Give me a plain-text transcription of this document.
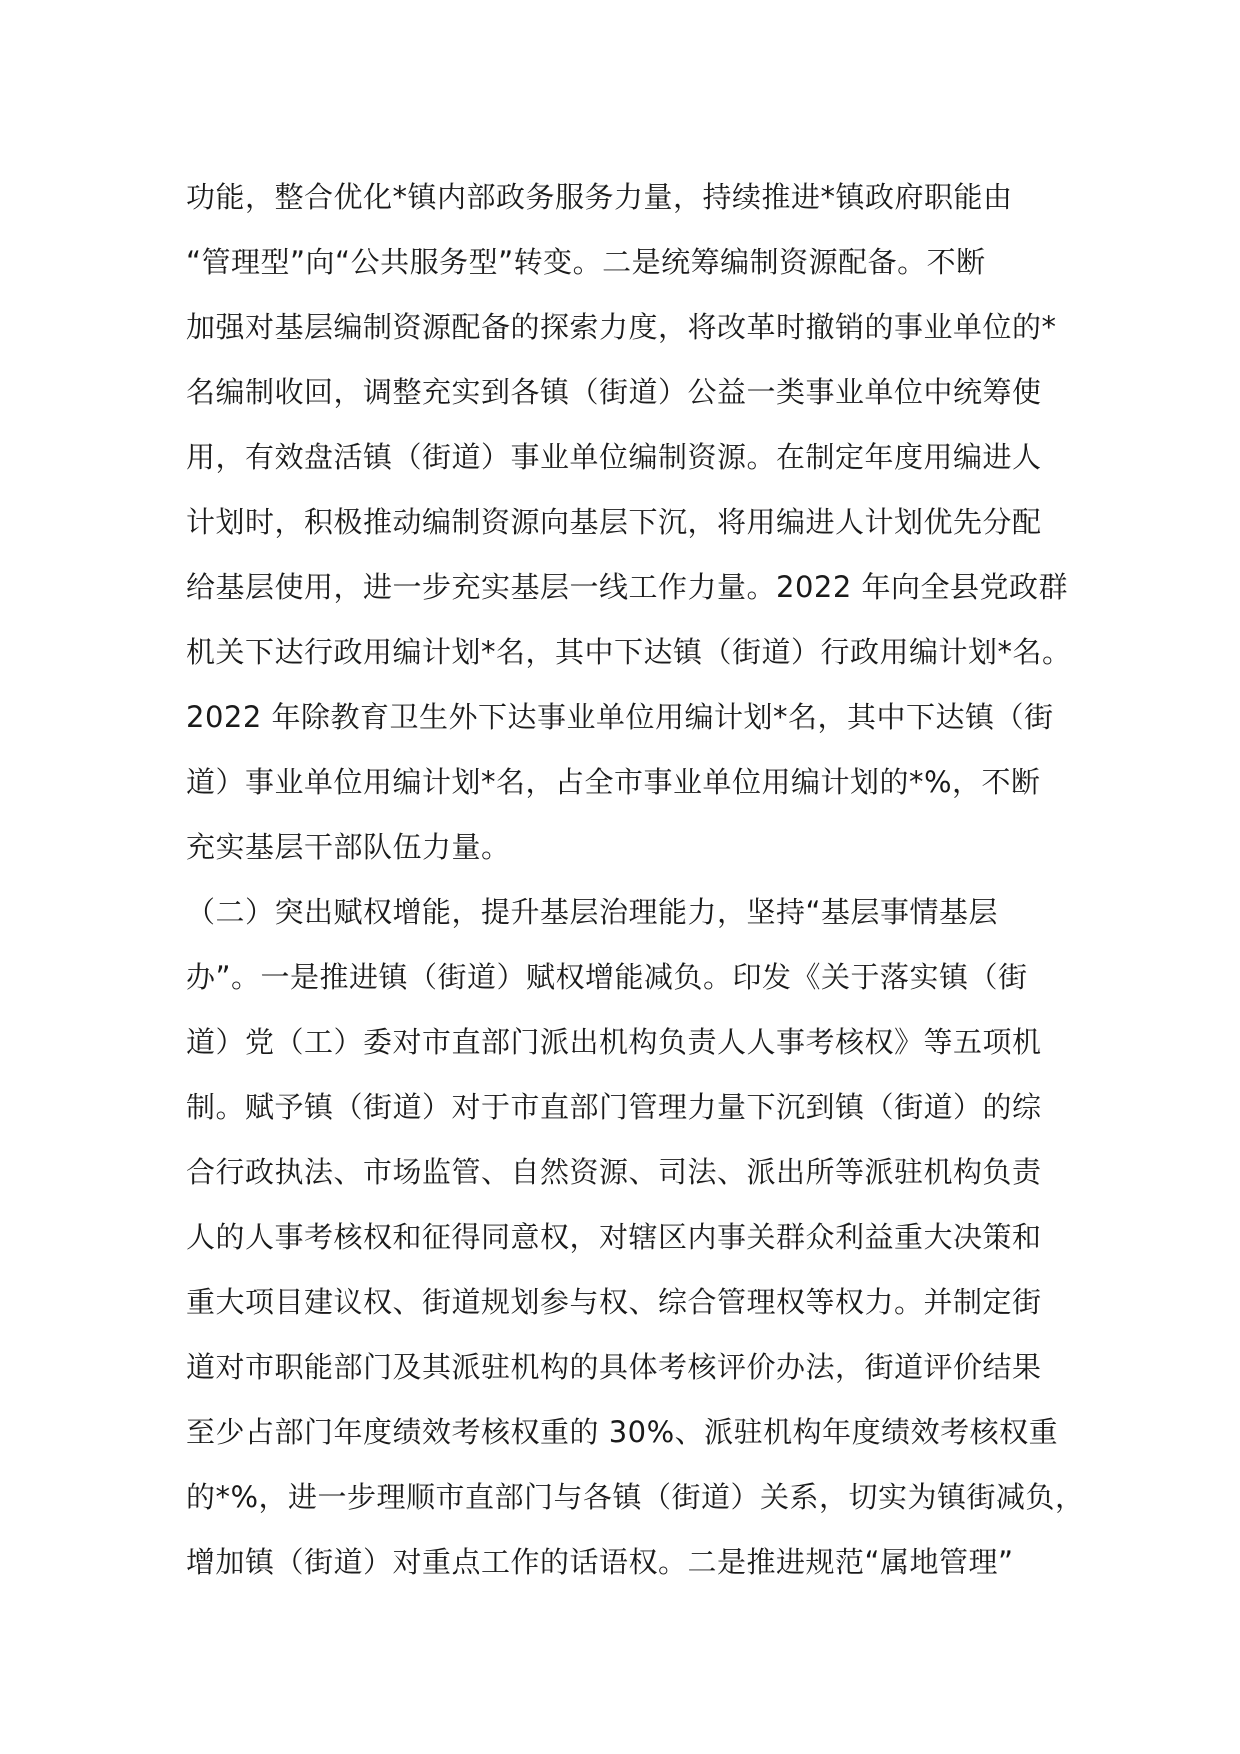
功能，整合优化*镇内部政务服务力量，持续推进*镇政府职能由
“管理型”向“公共服务型”转变。二是统筹编制资源配备。不断
加强对基层编制资源配备的探索力度，将改革时撤销的事业单位的*
名编制收回，调整充实到各镇（街道）公益一类事业单位中统筹使
用，有效盘活镇（街道）事业单位编制资源。在制定年度用编进人
计划时，积极推动编制资源向基层下沉，将用编进人计划优先分配
给基层使用，进一步充实基层一线工作力量。2022 年向全县党政群
机关下达行政用编计划*名，其中下达镇（街道）行政用编计划*名。
2022 年除教育卫生外下达事业单位用编计划*名，其中下达镇（街
道）事业单位用编计划*名，占全市事业单位用编计划的*%，不断
充实基层干部队伍力量。
（二）突出赋权增能，提升基层治理能力，坚持“基层事情基层
办”。一是推进镇（街道）赋权增能减负。印发《关于落实镇（街
道）党（工）委对市直部门派出机构负责人人事考核权》等五项机
制。赋予镇（街道）对于市直部门管理力量下沉到镇（街道）的综
合行政执法、市场监管、自然资源、司法、派出所等派驻机构负责
人的人事考核权和征得同意权，对辖区内事关群众利益重大决策和
重大项目建议权、街道规划参与权、综合管理权等权力。并制定街
道对市职能部门及其派驻机构的具体考核评价办法，街道评价结果
至少占部门年度绩效考核权重的 30%、派驻机构年度绩效考核权重
的*%，进一步理顺市直部门与各镇（街道）关系，切实为镇街减负，
增加镇（街道）对重点工作的话语权。二是推进规范“属地管理”
